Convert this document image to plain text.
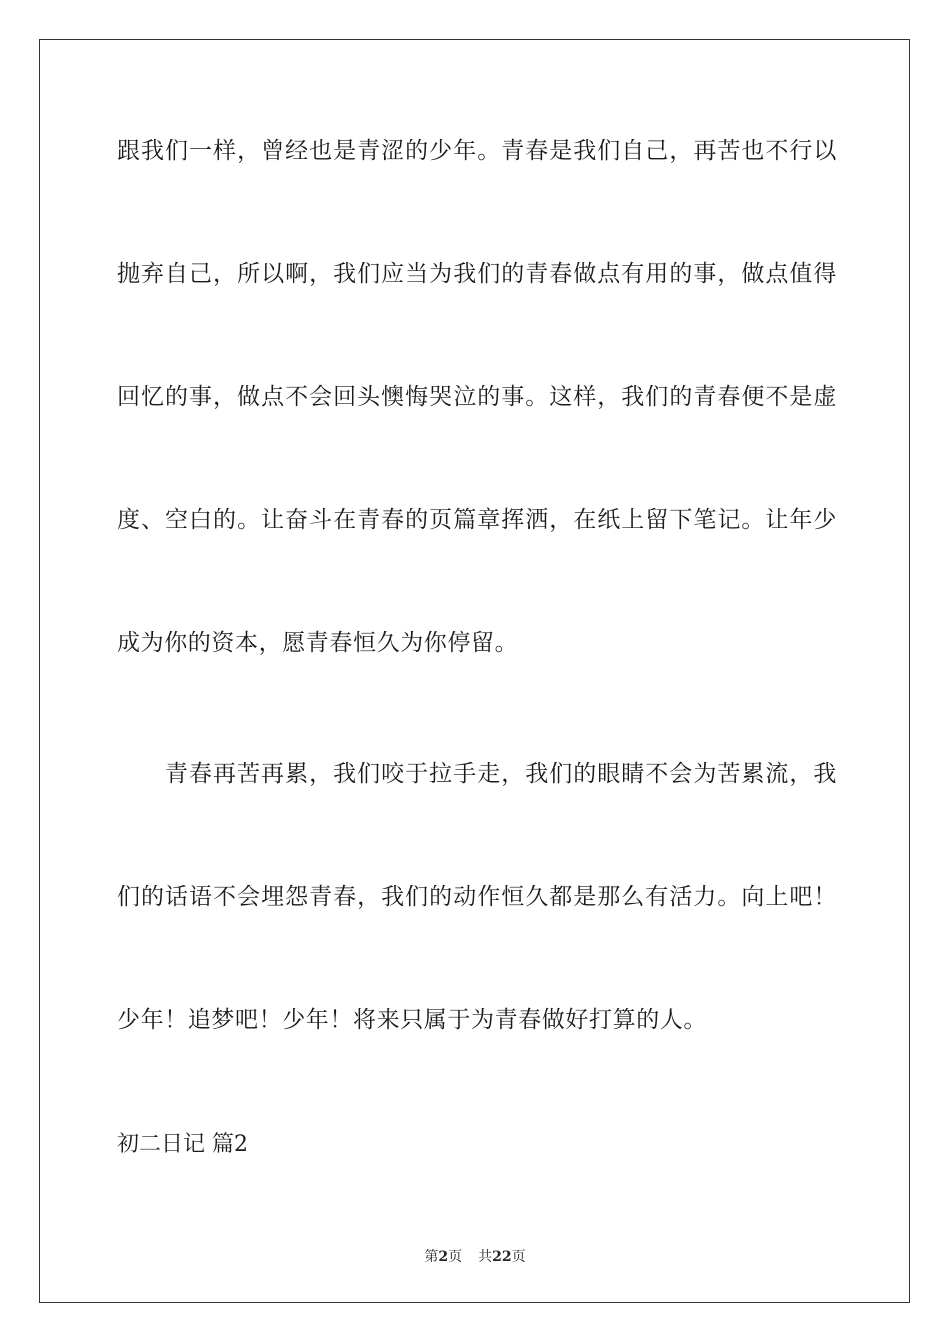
跟我们一样，曾经也是青涩的少年。青春是我们自己，再苦也不行以
抛弃自己，所以啊，我们应当为我们的青春做点有用的事，做点值得
回忆的事，做点不会回头懊悔哭泣的事。这样，我们的青春便不是虚
度、空白的。让奋斗在青春的页篇章挥洒，在纸上留下笔记。让年少
成为你的资本，愿青春恒久为你停留。
青春再苦再累，我们咬于拉手走，我们的眼睛不会为苦累流，我
们的话语不会埋怨青春，我们的动作恒久都是那么有活力。向上吧！
少年！追梦吧！少年！将来只属于为青春做好打算的人。
初二日记 篇2
第2页 共22页
